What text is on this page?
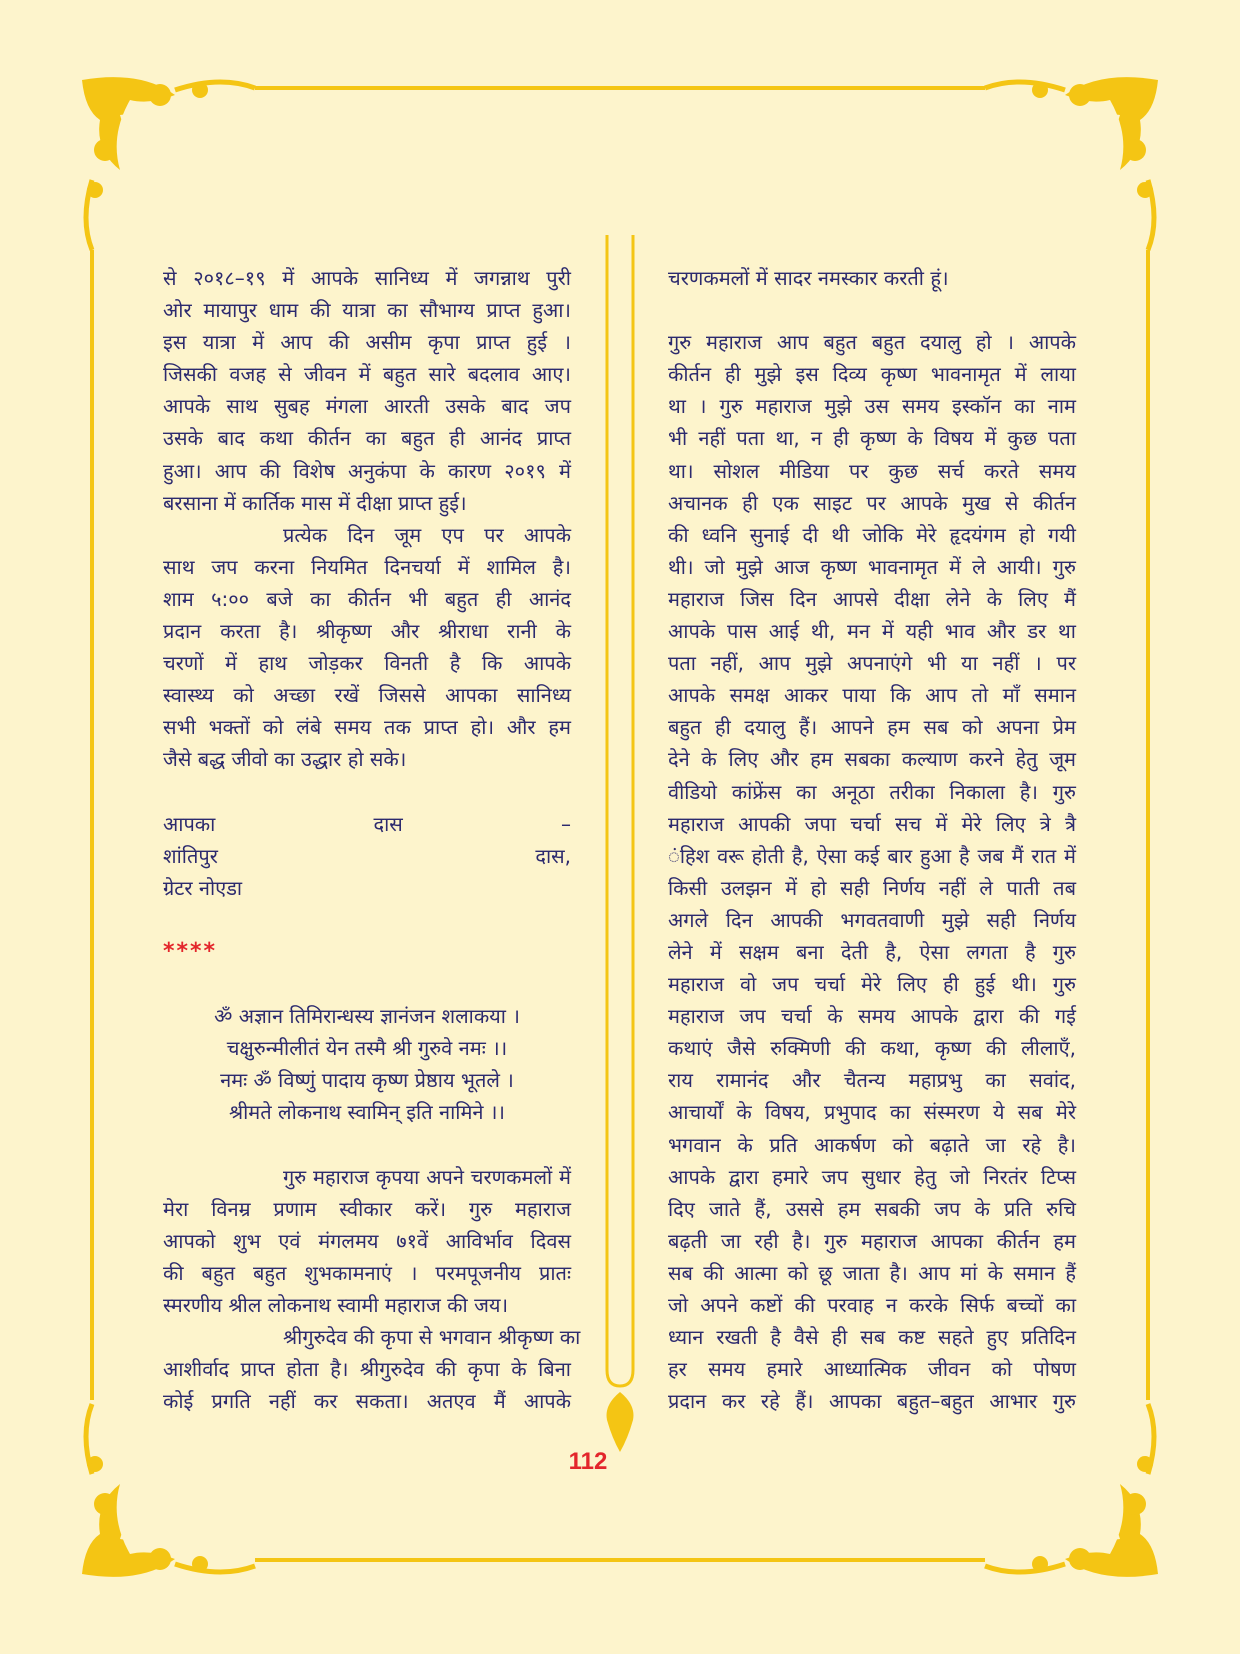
से २०१८–१९ में आपके सानिध्य में जगन्नाथ पुरी
ओर मायापुर धाम की यात्रा का सौभाग्य प्राप्त हुआ।
इस यात्रा में आप की असीम कृपा प्राप्त हुई ।
जिसकी वजह से जीवन में बहुत सारे बदलाव आए।
आपके साथ सुबह मंगला आरती उसके बाद जप
उसके बाद कथा कीर्तन का बहुत ही आनंद प्राप्त
हुआ। आप की विशेष अनुकंपा के कारण २०१९ में
बरसाना में कार्तिक मास में दीक्षा प्राप्त हुई।
प्रत्येक दिन जूम एप पर आपके
साथ जप करना नियमित दिनचर्या में शामिल है।
शाम ५:०० बजे का कीर्तन भी बहुत ही आनंद
प्रदान करता है। श्रीकृष्ण और श्रीराधा रानी के
चरणों में हाथ जोड़कर विनती है कि आपके
स्वास्थ्य को अच्छा रखें जिससे आपका सानिध्य
सभी भक्तों को लंबे समय तक प्राप्त हो। और हम
जैसे बद्ध जीवो का उद्धार हो सके।
आपका दास –
शांतिपुर दास,
ग्रेटर नोएडा
****
ॐ अज्ञान तिमिरान्धस्य ज्ञानंजन शलाकया ।
चक्षुरुन्मीलीतं येन तस्मै श्री गुरुवे नमः ।।
नमः ॐ विष्णुं पादाय कृष्ण प्रेष्ठाय भूतले ।
श्रीमते लोकनाथ स्वामिन् इति नामिने ।।
गुरु महाराज कृपया अपने चरणकमलों में
मेरा विनम्र प्रणाम स्वीकार करें। गुरु महाराज
आपको शुभ एवं मंगलमय ७१वें आविर्भाव दिवस
की बहुत बहुत शुभकामनाएं । परमपूजनीय प्रातः
स्मरणीय श्रील लोकनाथ स्वामी महाराज की जय।
श्रीगुरुदेव की कृपा से भगवान श्रीकृष्ण का
आशीर्वाद प्राप्त होता है। श्रीगुरुदेव की कृपा के बिना
कोई प्रगति नहीं कर सकता। अतएव मैं आपके
चरणकमलों में सादर नमस्कार करती हूं।
गुरु महाराज आप बहुत बहुत दयालु हो । आपके
कीर्तन ही मुझे इस दिव्य कृष्ण भावनामृत में लाया
था । गुरु महाराज मुझे उस समय इस्कॉन का नाम
भी नहीं पता था, न ही कृष्ण के विषय में कुछ पता
था। सोशल मीडिया पर कुछ सर्च करते समय
अचानक ही एक साइट पर आपके मुख से कीर्तन
की ध्वनि सुनाई दी थी जोकि मेरे हृदयंगम हो गयी
थी। जो मुझे आज कृष्ण भावनामृत में ले आयी। गुरु
महाराज जिस दिन आपसे दीक्षा लेने के लिए मैं
आपके पास आई थी, मन में यही भाव और डर था
पता नहीं, आप मुझे अपनाएंगे भी या नहीं । पर
आपके समक्ष आकर पाया कि आप तो माँ समान
बहुत ही दयालु हैं। आपने हम सब को अपना प्रेम
देने के लिए और हम सबका कल्याण करने हेतु जूम
वीडियो कांफ्रेंस का अनूठा तरीका निकाला है। गुरु
महाराज आपकी जपा चर्चा सच में मेरे लिए त्रे त्रै
ंहिश वरू होती है, ऐसा कई बार हुआ है जब मैं रात में
किसी उलझन में हो सही निर्णय नहीं ले पाती तब
अगले दिन आपकी भगवतवाणी मुझे सही निर्णय
लेने में सक्षम बना देती है, ऐसा लगता है गुरु
महाराज वो जप चर्चा मेरे लिए ही हुई थी। गुरु
महाराज जप चर्चा के समय आपके द्वारा की गई
कथाएं जैसे रुक्मिणी की कथा, कृष्ण की लीलाएँ,
राय रामानंद और चैतन्य महाप्रभु का सवांद,
आचार्यों के विषय, प्रभुपाद का संस्मरण ये सब मेरे
भगवान के प्रति आकर्षण को बढ़ाते जा रहे है।
आपके द्वारा हमारे जप सुधार हेतु जो निरतंर टिप्स
दिए जाते हैं, उससे हम सबकी जप के प्रति रुचि
बढ़ती जा रही है। गुरु महाराज आपका कीर्तन हम
सब की आत्मा को छू जाता है। आप मां के समान हैं
जो अपने कष्टों की परवाह न करके सिर्फ बच्चों का
ध्यान रखती है वैसे ही सब कष्ट सहते हुए प्रतिदिन
हर समय हमारे आध्यात्मिक जीवन को पोषण
प्रदान कर रहे हैं। आपका बहुत–बहुत आभार गुरु
112
